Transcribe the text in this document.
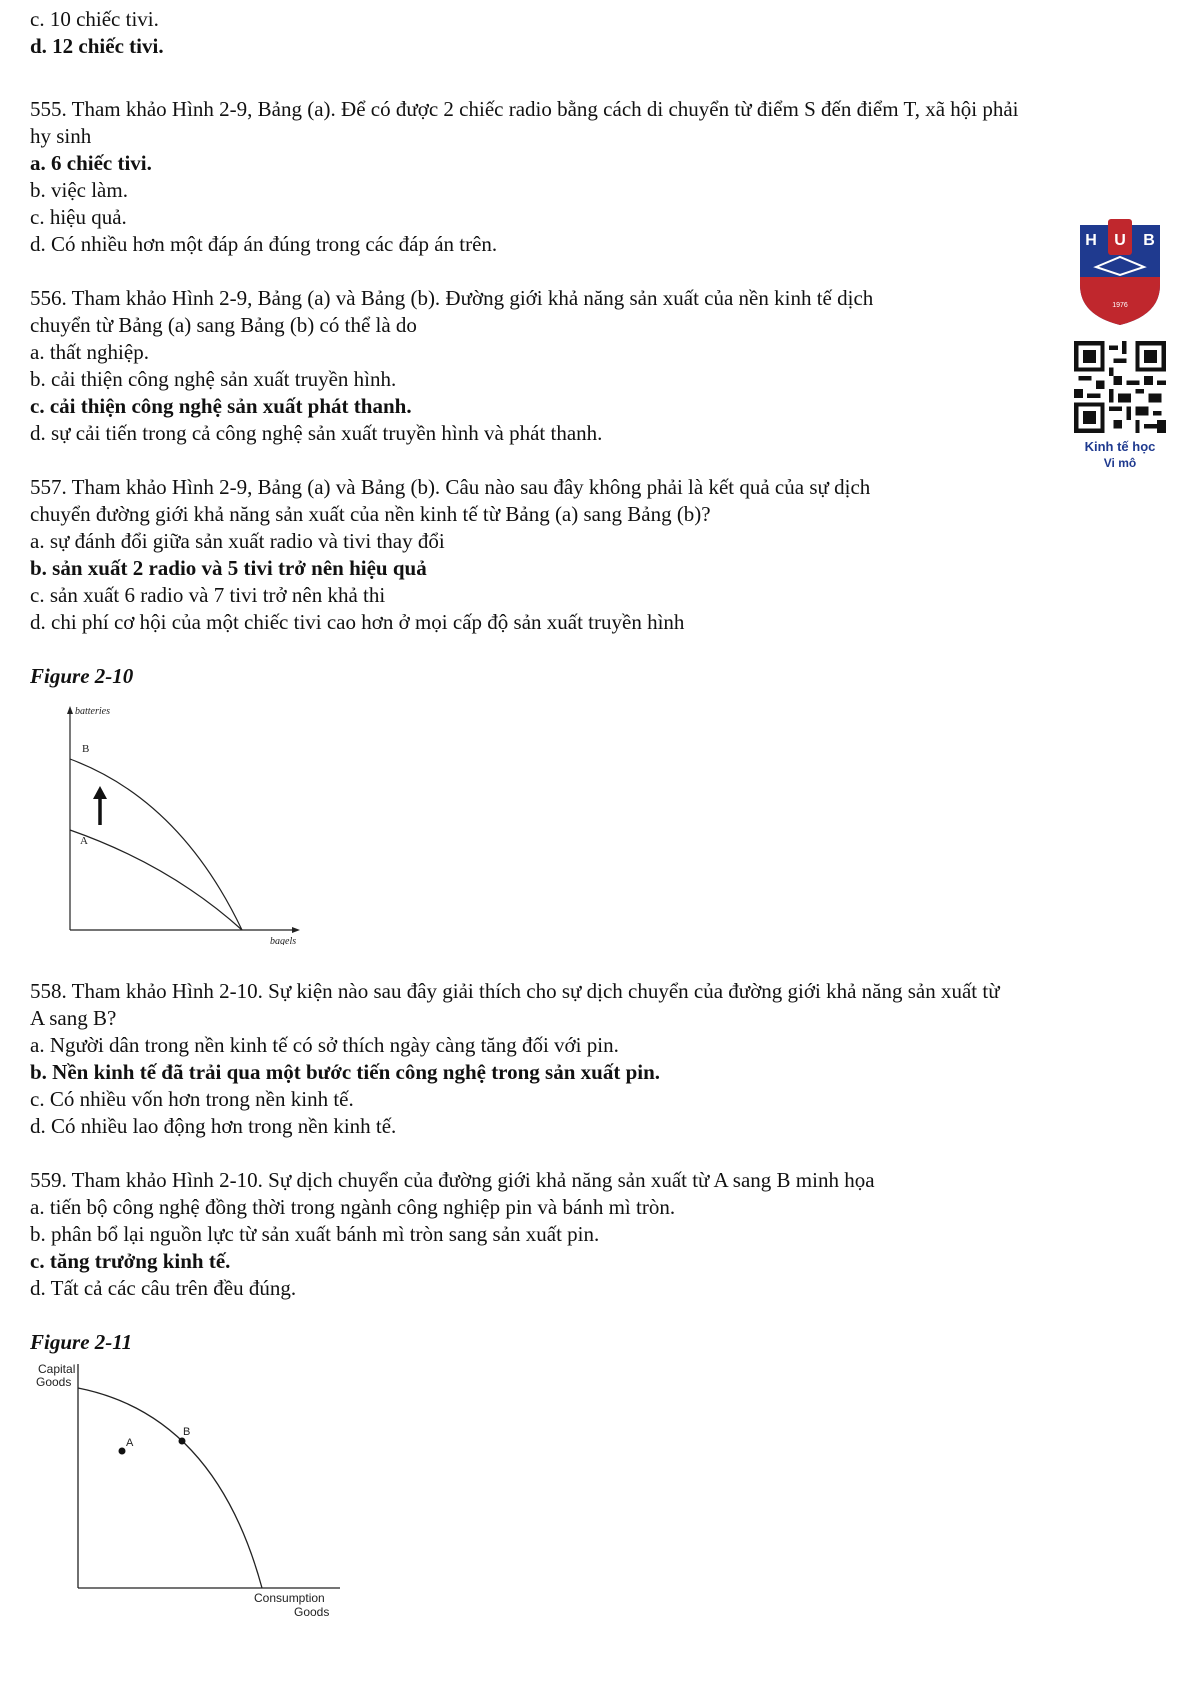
c. 10 chiếc tivi.
d. 12 chiếc tivi.
555. Tham khảo Hình 2-9, Bảng (a). Để có được 2 chiếc radio bằng cách di chuyển từ điểm S đến điểm T, xã hội phải
hy sinh
a. 6 chiếc tivi.
b. việc làm.
c. hiệu quả.
d. Có nhiều hơn một đáp án đúng trong các đáp án trên.
556. Tham khảo Hình 2-9, Bảng (a) và Bảng (b). Đường giới khả năng sản xuất của nền kinh tế dịch
chuyển từ Bảng (a) sang Bảng (b) có thể là do
a. thất nghiệp.
b. cải thiện công nghệ sản xuất truyền hình.
c. cải thiện công nghệ sản xuất phát thanh.
d. sự cải tiến trong cả công nghệ sản xuất truyền hình và phát thanh.
557. Tham khảo Hình 2-9, Bảng (a) và Bảng (b). Câu nào sau đây không phải là kết quả của sự dịch
chuyển đường giới khả năng sản xuất của nền kinh tế từ Bảng (a) sang Bảng (b)?
a. sự đánh đổi giữa sản xuất radio và tivi thay đổi
b. sản xuất 2 radio và 5 tivi trở nên hiệu quả
c. sản xuất 6 radio và 7 tivi trở nên khả thi
d. chi phí cơ hội của một chiếc tivi cao hơn ở mọi cấp độ sản xuất truyền hình
Figure 2-10
batteries
bagels
B
A
558. Tham khảo Hình 2-10. Sự kiện nào sau đây giải thích cho sự dịch chuyển của đường giới khả năng sản xuất từ
A sang B?
a. Người dân trong nền kinh tế có sở thích ngày càng tăng đối với pin.
b. Nền kinh tế đã trải qua một bước tiến công nghệ trong sản xuất pin.
c. Có nhiều vốn hơn trong nền kinh tế.
d. Có nhiều lao động hơn trong nền kinh tế.
559. Tham khảo Hình 2-10. Sự dịch chuyển của đường giới khả năng sản xuất từ A sang B minh họa
a. tiến bộ công nghệ đồng thời trong ngành công nghiệp pin và bánh mì tròn.
b. phân bổ lại nguồn lực từ sản xuất bánh mì tròn sang sản xuất pin.
c. tăng trưởng kinh tế.
d. Tất cả các câu trên đều đúng.
Figure 2-11
Capital
Goods
A
B
Consumption
Goods
H U B
1976
Kinh tế học
Vi mô
